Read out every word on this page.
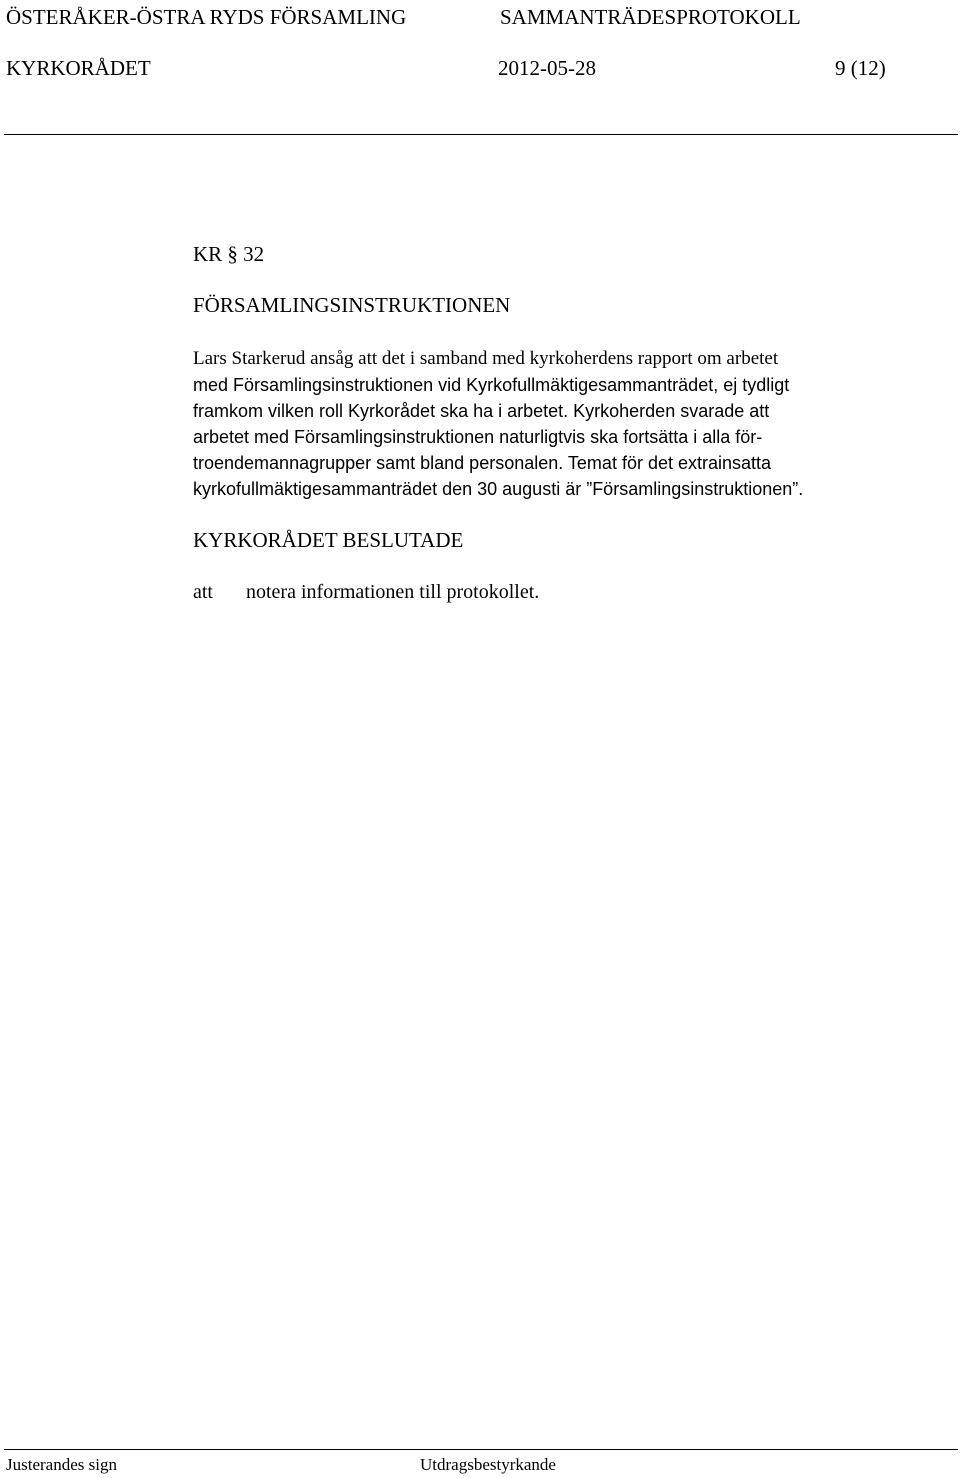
ÖSTERÅKER-ÖSTRA RYDS FÖRSAMLING	SAMMANTRÄDESPROTOKOLL
KYRKORÅDET	2012-05-28	9 (12)
KR § 32
FÖRSAMLINGSINSTRUKTIONEN
Lars Starkerud ansåg att det i samband med kyrkoherdens rapport om arbetet
med Församlingsinstruktionen vid Kyrkofullmäktigesammanträdet, ej tydligt
framkom vilken roll Kyrkorådet ska ha i arbetet. Kyrkoherden svarade att
arbetet med Församlingsinstruktionen naturligtvis ska fortsätta i alla för-
troendemannagrupper samt bland personalen. Temat för det extrainsatta
kyrkofullmäktigesammanträdet den 30 augusti är ”Församlingsinstruktionen”.
KYRKORÅDET BESLUTADE
att notera informationen till protokollet.
Justerandes sign	Utdragsbestyrkande
